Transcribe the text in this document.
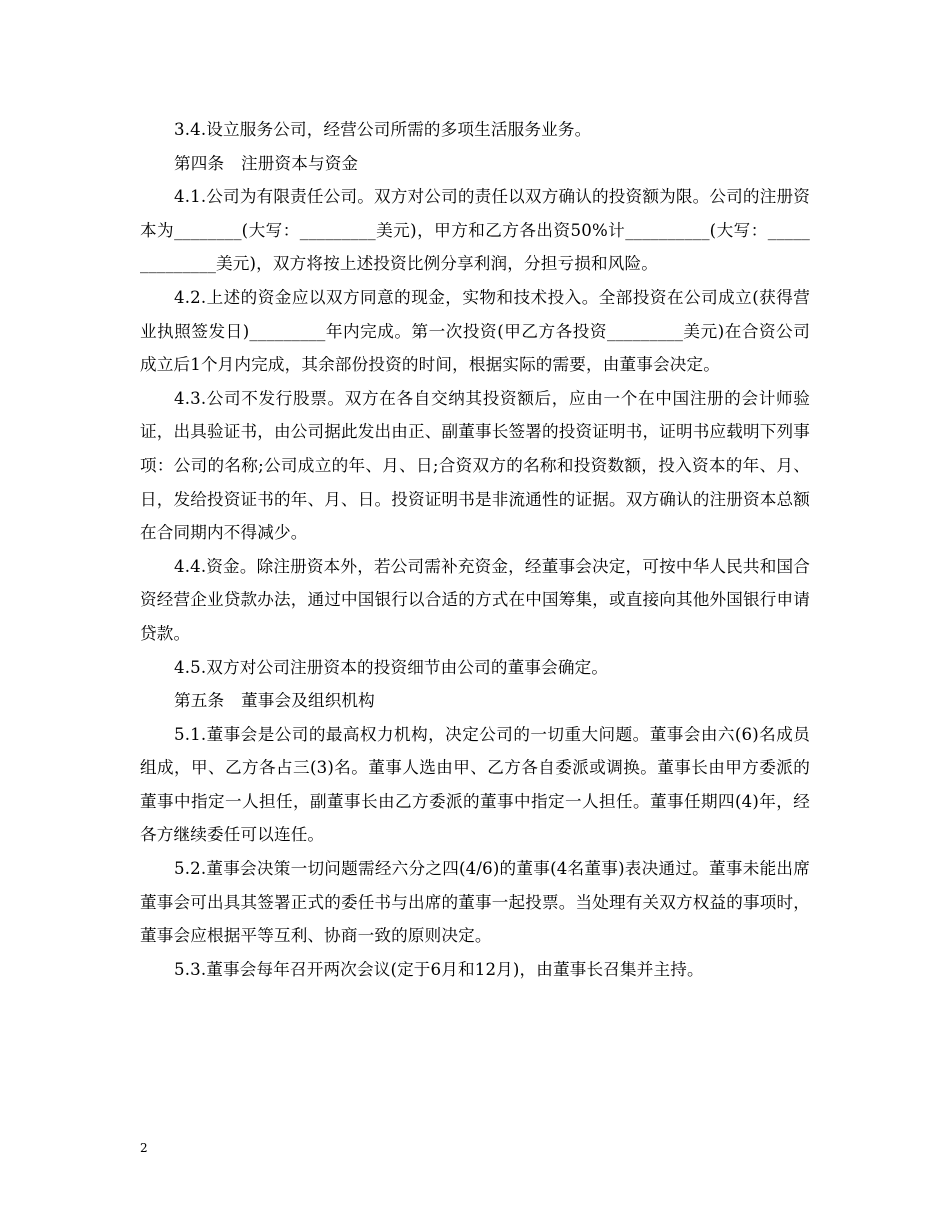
3.4.设立服务公司，经营公司所需的多项生活服务业务。

第四条　注册资本与资金

4.1.公司为有限责任公司。双方对公司的责任以双方确认的投资额为限。公司的注册资本为________(大写：_________美元)，甲方和乙方各出资50%计__________(大写：______________美元)，双方将按上述投资比例分享利润，分担亏损和风险。

4.2.上述的资金应以双方同意的现金，实物和技术投入。全部投资在公司成立(获得营业执照签发日)_________年内完成。第一次投资(甲乙方各投资_________美元)在合资公司成立后1个月内完成，其余部份投资的时间，根据实际的需要，由董事会决定。

4.3.公司不发行股票。双方在各自交纳其投资额后，应由一个在中国注册的会计师验证，出具验证书，由公司据此发出由正、副董事长签署的投资证明书，证明书应载明下列事项：公司的名称;公司成立的年、月、日;合资双方的名称和投资数额，投入资本的年、月、日，发给投资证书的年、月、日。投资证明书是非流通性的证据。双方确认的注册资本总额在合同期内不得减少。

4.4.资金。除注册资本外，若公司需补充资金，经董事会决定，可按中华人民共和国合资经营企业贷款办法，通过中国银行以合适的方式在中国筹集，或直接向其他外国银行申请贷款。

4.5.双方对公司注册资本的投资细节由公司的董事会确定。

第五条　董事会及组织机构

5.1.董事会是公司的最高权力机构，决定公司的一切重大问题。董事会由六(6)名成员组成，甲、乙方各占三(3)名。董事人选由甲、乙方各自委派或调换。董事长由甲方委派的董事中指定一人担任，副董事长由乙方委派的董事中指定一人担任。董事任期四(4)年，经各方继续委任可以连任。

5.2.董事会决策一切问题需经六分之四(4/6)的董事(4名董事)表决通过。董事未能出席董事会可出具其签署正式的委任书与出席的董事一起投票。当处理有关双方权益的事项时，董事会应根据平等互利、协商一致的原则决定。

5.3.董事会每年召开两次会议(定于6月和12月)，由董事长召集并主持。

2
